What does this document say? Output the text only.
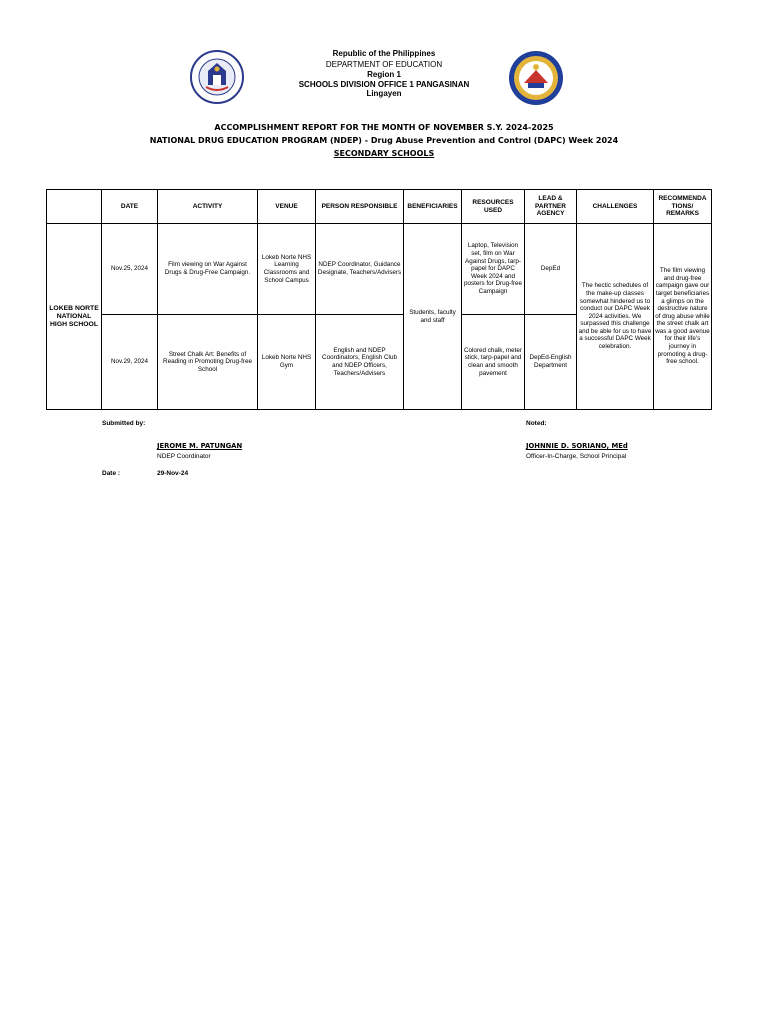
Republic of the Philippines
DEPARTMENT OF EDUCATION
Region 1
SCHOOLS DIVISION OFFICE 1 PANGASINAN
Lingayen
ACCOMPLISHMENT REPORT FOR THE MONTH OF NOVEMBER S.Y. 2024-2025
NATIONAL DRUG EDUCATION PROGRAM (NDEP) - Drug Abuse Prevention and Control (DAPC) Week 2024
SECONDARY SCHOOLS
	DATE	ACTIVITY	VENUE	PERSON RESPONSIBLE	BENEFICIARIES	RESOURCES USED	LEAD & PARTNER AGENCY	CHALLENGES	RECOMMENDA TIONS/ REMARKS
LOKEB NORTE NATIONAL HIGH SCHOOL	Nov.25, 2024	Film viewing on War Against Drugs & Drug-Free Campaign.	Lokeb Norte NHS Learning Classrooms and School Campus	NDEP Coordinator, Guidance Designate, Teachers/Advisers	Students, faculty and staff	Laptop, Television set, film on War Against Drugs, tarp-papel for DAPC Week 2024 and posters for Drug-free Campaign	DepEd	The hectic schedules of the make-up classes somewhat hindered us to conduct our DAPC Week 2024 activities. We surpassed this challenge and be able for us to have a successful DAPC Week celebration.	The film viewing and drug-free campaign gave our target beneficiaries a glimps on the destructive nature of drug abuse while the street chalk art was a good avenue for their life's journey in promoting a drug-free school.
	Nov.29, 2024	Street Chalk Art: Benefits of Reading in Promoting Drug-free School	Lokeb Norte NHS Gym	English and NDEP Coordinators, English Club and NDEP Officers, Teachers/Advisers		Colored chalk, meter stick, tarp-papel and clean and smooth pavement	DepEd-English Department		
Submitted by:	Noted:
JEROME M. PATUNGAN
NDEP Coordinator
JOHNNIE D. SORIANO, MEd
Officer-In-Charge, School Principal
Date :	29-Nov-24
